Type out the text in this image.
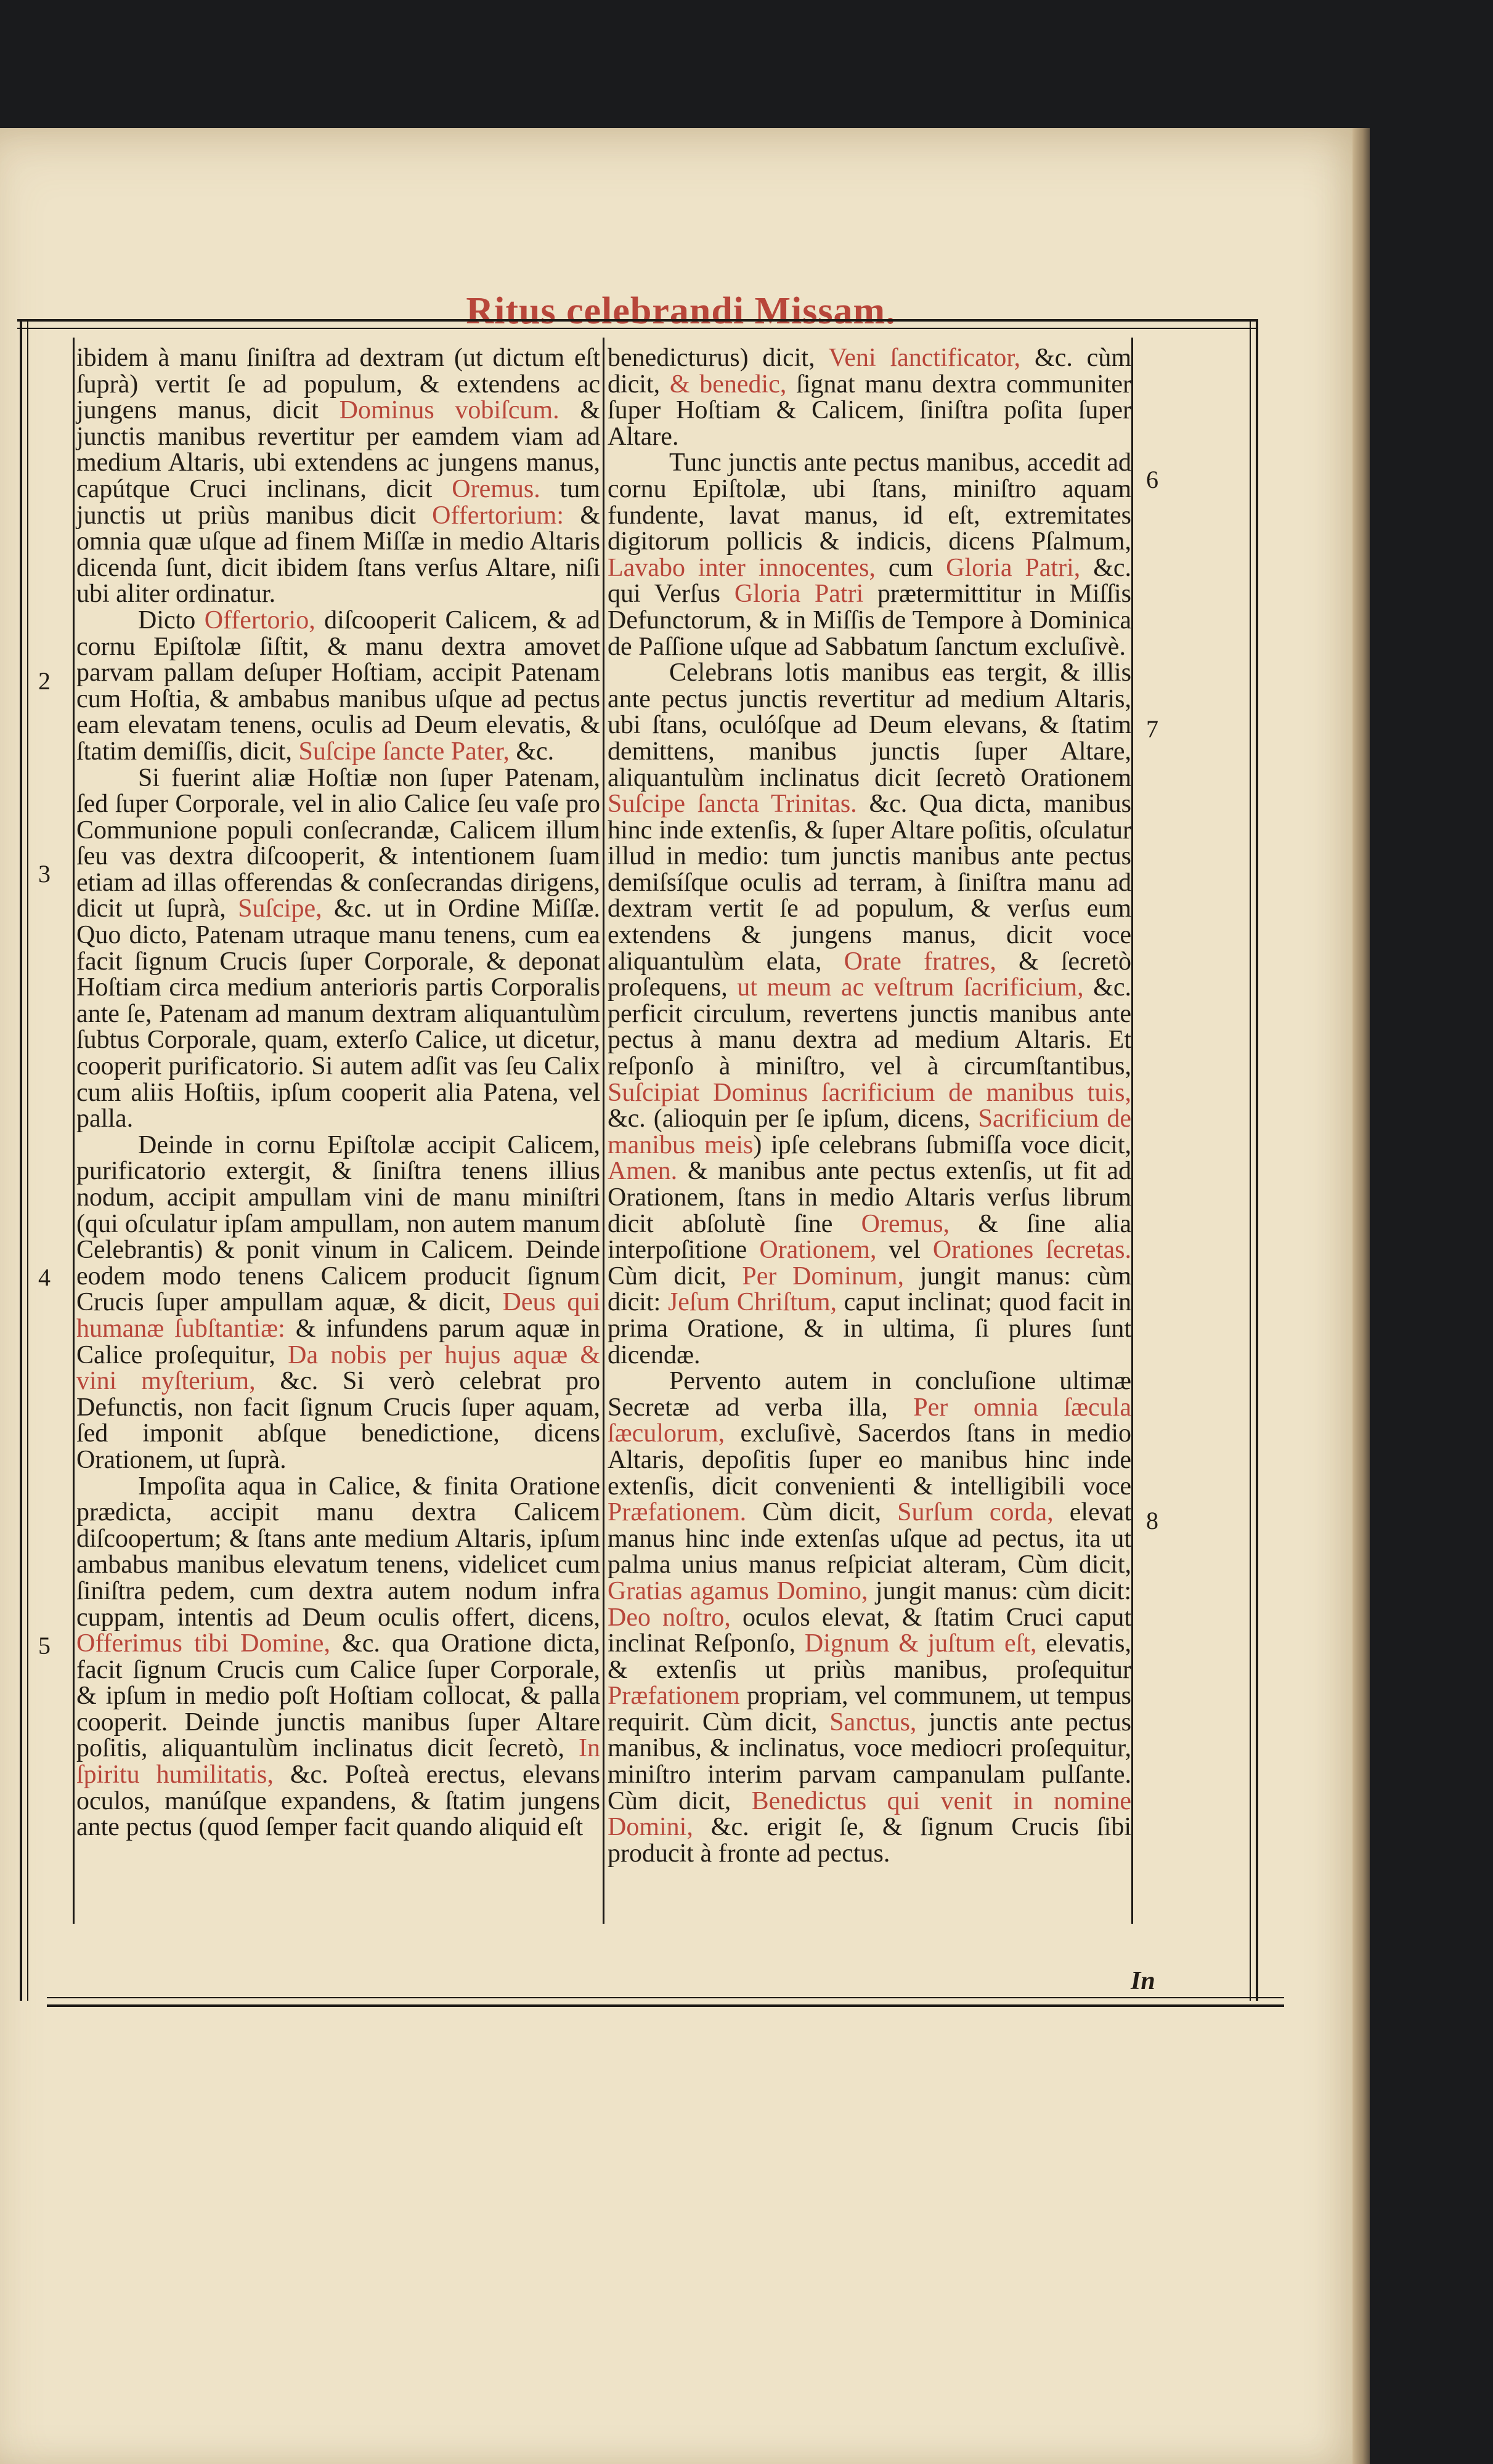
Ritus celebrandi Missam.
2
3
4
5
6
7
8

ibidem à manu ſiniſtra ad dextram (ut dictum eſt ſuprà) vertit ſe ad populum, & extendens ac jungens manus, dicit Dominus vobiſcum. & junctis manibus revertitur per eamdem viam ad medium Altaris, ubi extendens ac jungens manus, capútque Cruci inclinans, dicit Oremus. tum junctis ut priùs manibus dicit Offertorium: & omnia quæ uſque ad finem Miſſæ in medio Altaris dicenda ſunt, dicit ibidem ſtans verſus Altare, niſi ubi aliter ordinatur.

Dicto Offertorio, diſcooperit Calicem, & ad cornu Epiſtolæ ſiſtit, & manu dextra amovet parvam pallam deſuper Hoſtiam, accipit Patenam cum Hoſtia, & ambabus manibus uſque ad pectus eam elevatam tenens, oculis ad Deum elevatis, & ſtatim demiſſis, dicit, Suſcipe ſancte Pater, &c.

Si fuerint aliæ Hoſtiæ non ſuper Patenam, ſed ſuper Corporale, vel in alio Calice ſeu vaſe pro Communione populi conſecrandæ, Calicem illum ſeu vas dextra diſcooperit, & intentionem ſuam etiam ad illas offerendas & conſecrandas dirigens, dicit ut ſuprà, Suſcipe, &c. ut in Ordine Miſſæ. Quo dicto, Patenam utraque manu tenens, cum ea facit ſignum Crucis ſuper Corporale, & deponat Hoſtiam circa medium anterioris partis Corporalis ante ſe, Patenam ad manum dextram aliquantulùm ſubtus Corporale, quam, exterſo Calice, ut dicetur, cooperit purificatorio. Si autem adſit vas ſeu Calix cum aliis Hoſtiis, ipſum cooperit alia Patena, vel palla.

Deinde in cornu Epiſtolæ accipit Calicem, purificatorio extergit, & ſiniſtra tenens illius nodum, accipit ampullam vini de manu miniſtri (qui oſculatur ipſam ampullam, non autem manum Celebrantis) & ponit vinum in Calicem. Deinde eodem modo tenens Calicem producit ſignum Crucis ſuper ampullam aquæ, & dicit, Deus qui humanæ ſubſtantiæ: & infundens parum aquæ in Calice proſequitur, Da nobis per hujus aquæ & vini myſterium, &c. Si verò celebrat pro Defunctis, non facit ſignum Crucis ſuper aquam, ſed imponit abſque benedictione, dicens Orationem, ut ſuprà.

Impoſita aqua in Calice, & finita Oratione prædicta, accipit manu dextra Calicem diſcoopertum; & ſtans ante medium Altaris, ipſum ambabus manibus elevatum tenens, videlicet cum ſiniſtra pedem, cum dextra autem nodum infra cuppam, intentis ad Deum oculis offert, dicens, Offerimus tibi Domine, &c. qua Oratione dicta, facit ſignum Crucis cum Calice ſuper Corporale, & ipſum in medio poſt Hoſtiam collocat, & palla cooperit. Deinde junctis manibus ſuper Altare poſitis, aliquantulùm inclinatus dicit ſecretò, In ſpiritu humilitatis, &c. Poſteà erectus, elevans oculos, manúſque expandens, & ſtatim jungens ante pectus (quod ſemper facit quando aliquid eſt

benedicturus) dicit, Veni ſanctificator, &c. cùm dicit, & benedic, ſignat manu dextra communiter ſuper Hoſtiam & Calicem, ſiniſtra poſita ſuper Altare.

Tunc junctis ante pectus manibus, accedit ad cornu Epiſtolæ, ubi ſtans, miniſtro aquam fundente, lavat manus, id eſt, extremitates digitorum pollicis & indicis, dicens Pſalmum, Lavabo inter innocentes, cum Gloria Patri, &c. qui Verſus Gloria Patri prætermittitur in Miſſis Defunctorum, & in Miſſis de Tempore à Dominica de Paſſione uſque ad Sabbatum ſanctum excluſivè.

Celebrans lotis manibus eas tergit, & illis ante pectus junctis revertitur ad medium Altaris, ubi ſtans, oculóſque ad Deum elevans, & ſtatim demittens, manibus junctis ſuper Altare, aliquantulùm inclinatus dicit ſecretò Orationem Suſcipe ſancta Trinitas. &c. Qua dicta, manibus hinc inde extenſis, & ſuper Altare poſitis, oſculatur illud in medio: tum junctis manibus ante pectus demiſsíſque oculis ad terram, à ſiniſtra manu ad dextram vertit ſe ad populum, & verſus eum extendens & jungens manus, dicit voce aliquantulùm elata, Orate fratres, & ſecretò proſequens, ut meum ac veſtrum ſacrificium, &c. perficit circulum, revertens junctis manibus ante pectus à manu dextra ad medium Altaris. Et reſponſo à miniſtro, vel à circumſtantibus, Suſcipiat Dominus ſacrificium de manibus tuis, &c. (alioquin per ſe ipſum, dicens, Sacrificium de manibus meis) ipſe celebrans ſubmiſſa voce dicit, Amen. & manibus ante pectus extenſis, ut fit ad Orationem, ſtans in medio Altaris verſus librum dicit abſolutè ſine Oremus, & ſine alia interpoſitione Orationem, vel Orationes ſecretas. Cùm dicit, Per Dominum, jungit manus: cùm dicit: Jeſum Chriſtum, caput inclinat; quod facit in prima Oratione, & in ultima, ſi plures ſunt dicendæ.

Pervento autem in concluſione ultimæ Secretæ ad verba illa, Per omnia ſæcula ſæculorum, excluſivè, Sacerdos ſtans in medio Altaris, depoſitis ſuper eo manibus hinc inde extenſis, dicit convenienti & intelligibili voce Præfationem. Cùm dicit, Surſum corda, elevat manus hinc inde extenſas uſque ad pectus, ita ut palma unius manus reſpiciat alteram, Cùm dicit, Gratias agamus Domino, jungit manus: cùm dicit: Deo noſtro, oculos elevat, & ſtatim Cruci caput inclinat Reſponſo, Dignum & juſtum eſt, elevatis, & extenſis ut priùs manibus, proſequitur Præfationem propriam, vel communem, ut tempus requirit. Cùm dicit, Sanctus, junctis ante pectus manibus, & inclinatus, voce mediocri proſequitur, miniſtro interim parvam campanulam pulſante. Cùm dicit, Benedictus qui venit in nomine Domini, &c. erigit ſe, & ſignum Crucis ſibi producit à fronte ad pectus.

In
